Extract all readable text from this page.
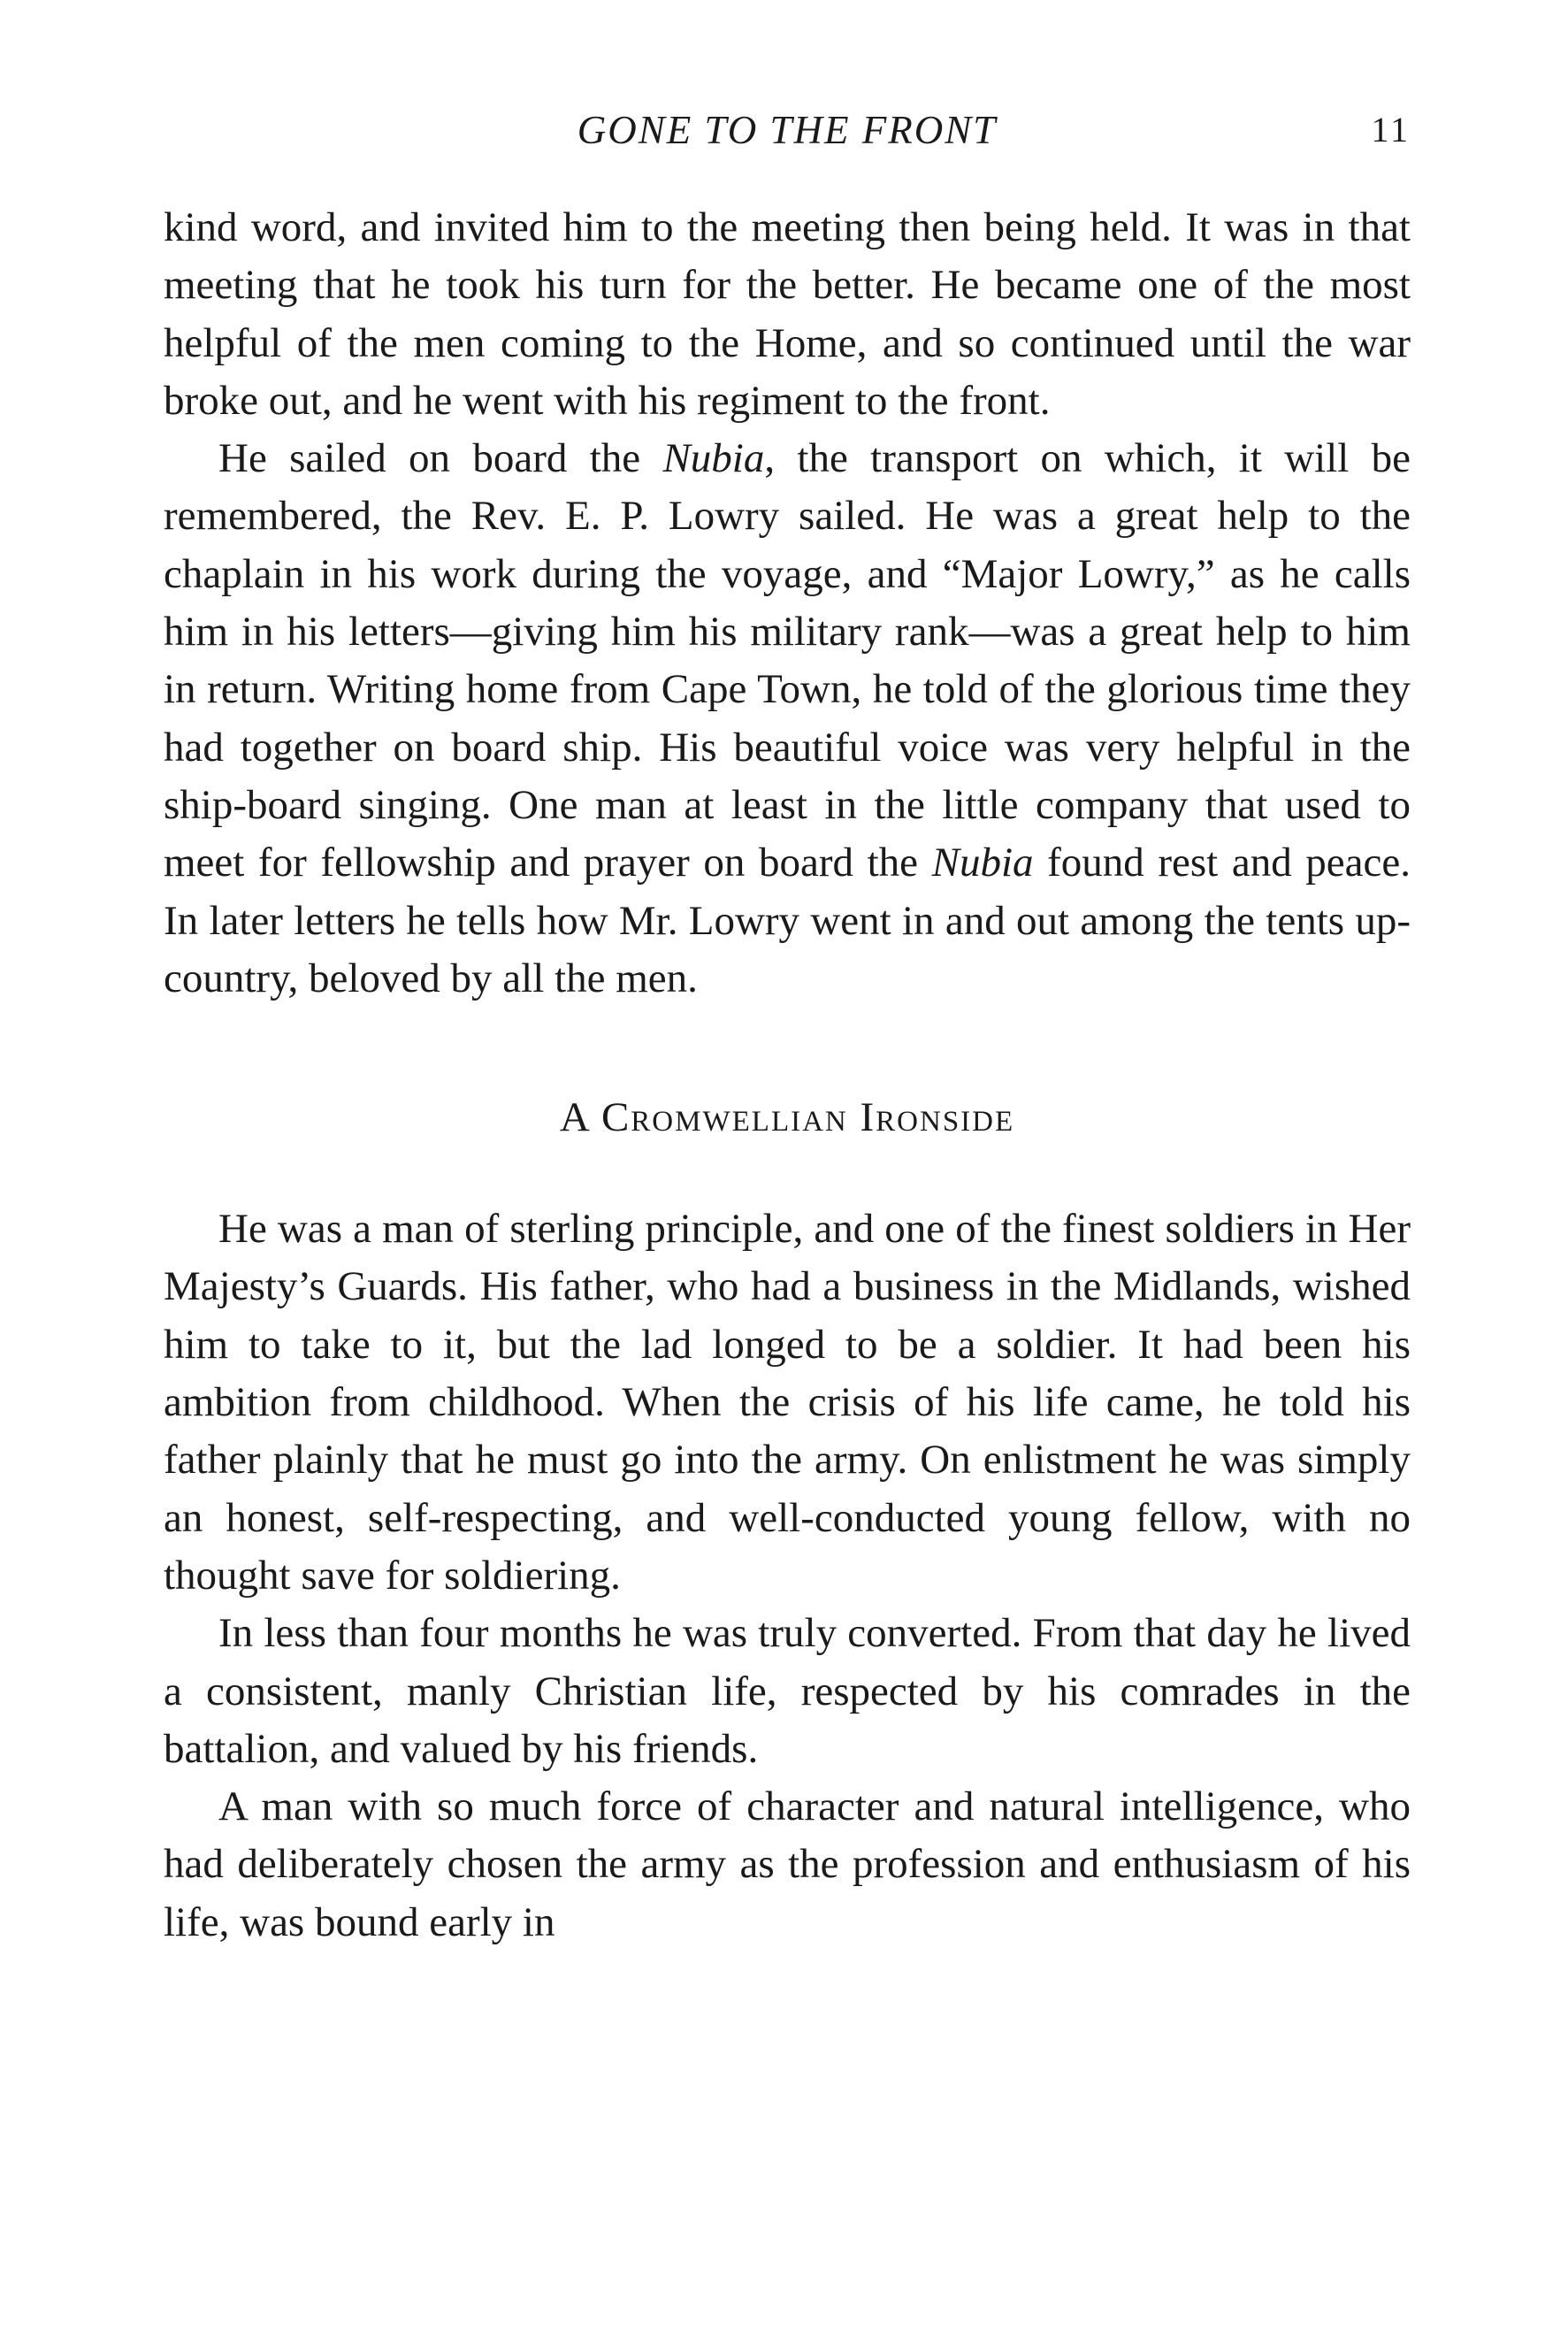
GONE TO THE FRONT	11

kind word, and invited him to the meeting then being held. It was in that meeting that he took his turn for the better. He became one of the most helpful of the men coming to the Home, and so continued until the war broke out, and he went with his regiment to the front.

He sailed on board the Nubia, the transport on which, it will be remembered, the Rev. E. P. Lowry sailed. He was a great help to the chaplain in his work during the voyage, and “Major Lowry,” as he calls him in his letters—giving him his military rank—was a great help to him in return. Writing home from Cape Town, he told of the glorious time they had together on board ship. His beautiful voice was very helpful in the ship-board singing. One man at least in the little company that used to meet for fellowship and prayer on board the Nubia found rest and peace. In later letters he tells how Mr. Lowry went in and out among the tents up-country, beloved by all the men.

A Cromwellian Ironside

He was a man of sterling principle, and one of the finest soldiers in Her Majesty’s Guards. His father, who had a business in the Midlands, wished him to take to it, but the lad longed to be a soldier. It had been his ambition from childhood. When the crisis of his life came, he told his father plainly that he must go into the army. On enlistment he was simply an honest, self-respecting, and well-conducted young fellow, with no thought save for soldiering.

In less than four months he was truly converted. From that day he lived a consistent, manly Christian life, respected by his comrades in the battalion, and valued by his friends.

A man with so much force of character and natural intelligence, who had deliberately chosen the army as the profession and enthusiasm of his life, was bound early in
